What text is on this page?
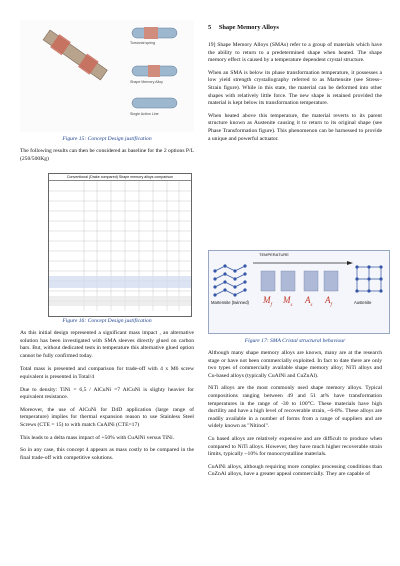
Torsional spring
Shape Memory Alloy
Single Action Line
Figure 15: Concept Design justification

The following results can then be considered as baseline for the 2 options P/L (250/500Kg)

Conventional (Drake compared) Shape memory alloys comparison
Figure 16: Concept Design justification

As this initial design represented a significant mass impact , an alternative solution has been investigated with SMA sleeves directly glued on carbon bars. But, without dedicated tests in temperature this alternative glued option cannot be fully confirmed today.

Total mass is presented and comparison for trade-off with 4 x M6 screw equivalent is presented in Total/4

Due to density: TiNi = 6,5 / AlCuNi =7 AlCuNi is slighty heavier for equivalent resistance.

Moreover, the use of AlCuNi for D4D application (large range of temperature) implies for thermal expansion reason to use Stainless Steel Screws (CTE = 15) to with match CuAlNi (CTE=17)

This leads to a delta mass impact of +50% with CuAlNi versus TiNi.

So in any case, this concept 4 appears as mass costly to be compared in the final trade-off with competitive solutions.

5 Shape Memory Alloys

19] Shape Memory Alloys (SMAs) refer to a group of materials which have the ability to return to a predetermined shape when heated. The shape memory effect is caused by a temperature dependent crystal structure.

When an SMA is below its phase transformation temperature, it possesses a low yield strength crystallography referred to as Martensite (see Stress–Strain figure). While in this state, the material can be deformed into other shapes with relatively little force. The new shape is retained provided the material is kept below its transformation temperature.

When heated above this temperature, the material reverts to its parent structure known as Austenite causing it to return to its original shape (see Phase Transformation figure). This phenomenon can be harnessed to provide a unique and powerful actuator.

TEMPERATURE
Martensite (twinned)	Austenite
$M_f$
$M_s$
$A_s$
$A_f$
Figure 17: SMA Cristal structural behaviour

Although many shape memory alloys are known, many are at the research stage or have not been commercially exploited. In fact to date there are only two types of commercially available shape memory alloy; NiTi alloys and Cu-based alloys (typically CuAlNi and CuZnAl).

NiTi alloys are the most commonly used shape memory alloys. Typical compositions ranging between 49 and 51 at% have transformation temperatures in the range of -30 to 100°C. These materials have high ductility and have a high level of recoverable strain, ~6-8%. These alloys are readily available in a number of forms from a range of suppliers and are widely known as "Nitinol".

Cu based alloys are relatively expensive and are difficult to produce when compared to NiTi alloys. However, they have much higher recoverable strain limits, typically ~10% for monocrystalline materials.

CuAlNi alloys, although requiring more complex processing conditions than CuZnAl alloys, have a greater appeal commercially. They are capable of
